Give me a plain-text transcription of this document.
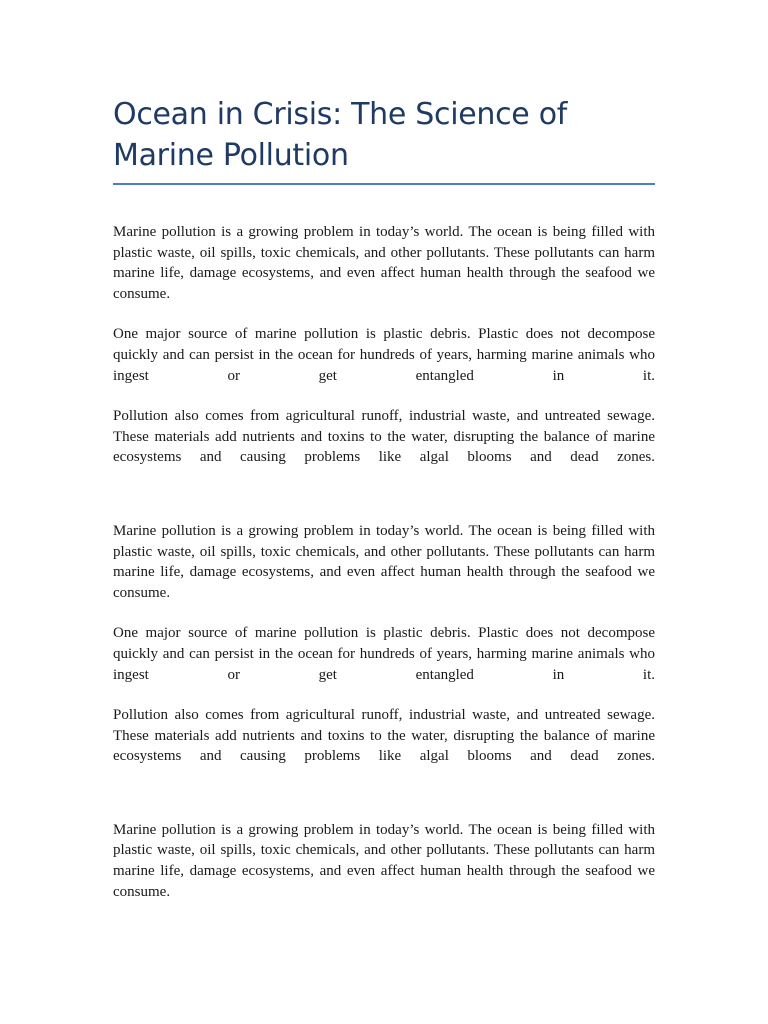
Ocean in Crisis: The Science of Marine Pollution

Marine pollution is a growing problem in today’s world. The ocean is being filled with plastic waste, oil spills, toxic chemicals, and other pollutants. These pollutants can harm marine life, damage ecosystems, and even affect human health through the seafood we consume.

One major source of marine pollution is plastic debris. Plastic does not decompose quickly and can persist in the ocean for hundreds of years, harming marine animals who ingest or get entangled in it.

Pollution also comes from agricultural runoff, industrial waste, and untreated sewage. These materials add nutrients and toxins to the water, disrupting the balance of marine ecosystems and causing problems like algal blooms and dead zones.

Marine pollution is a growing problem in today’s world. The ocean is being filled with plastic waste, oil spills, toxic chemicals, and other pollutants. These pollutants can harm marine life, damage ecosystems, and even affect human health through the seafood we consume.

One major source of marine pollution is plastic debris. Plastic does not decompose quickly and can persist in the ocean for hundreds of years, harming marine animals who ingest or get entangled in it.

Pollution also comes from agricultural runoff, industrial waste, and untreated sewage. These materials add nutrients and toxins to the water, disrupting the balance of marine ecosystems and causing problems like algal blooms and dead zones.

Marine pollution is a growing problem in today’s world. The ocean is being filled with plastic waste, oil spills, toxic chemicals, and other pollutants. These pollutants can harm marine life, damage ecosystems, and even affect human health through the seafood we consume.
